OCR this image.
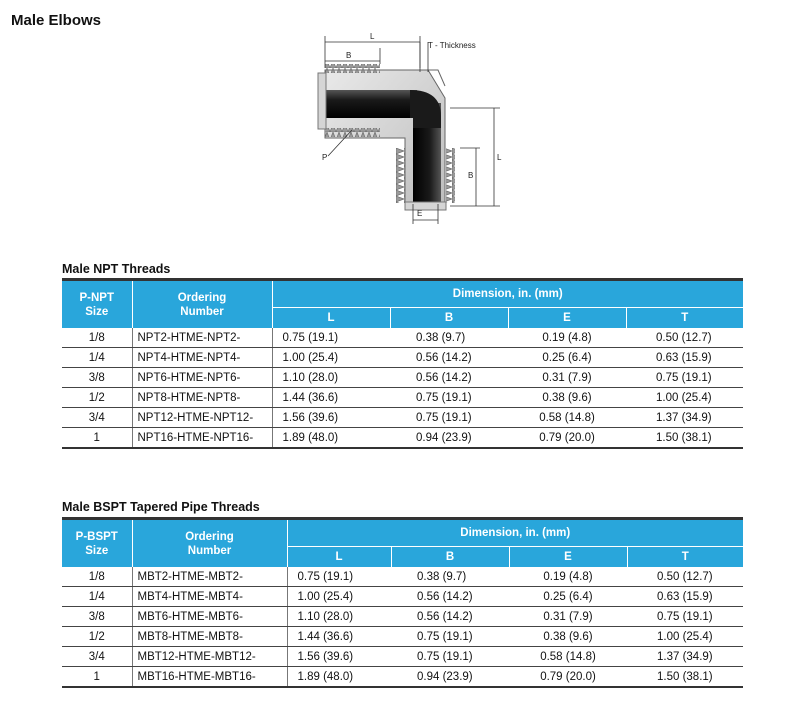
Male Elbows
L
B
T - Thickness
L
B
P
E
Male NPT Threads

P-NPT
Size	Ordering
Number	Dimension, in. (mm)			
		L	B	E	T
1/8	NPT2-HTME-NPT2-	0.75 (19.1)	0.38 (9.7)	0.19 (4.8)	0.50 (12.7)
1/4	NPT4-HTME-NPT4-	1.00 (25.4)	0.56 (14.2)	0.25 (6.4)	0.63 (15.9)
3/8	NPT6-HTME-NPT6-	1.10 (28.0)	0.56 (14.2)	0.31 (7.9)	0.75 (19.1)
1/2	NPT8-HTME-NPT8-	1.44 (36.6)	0.75 (19.1)	0.38 (9.6)	1.00 (25.4)
3/4	NPT12-HTME-NPT12-	1.56 (39.6)	0.75 (19.1)	0.58 (14.8)	1.37 (34.9)
1	NPT16-HTME-NPT16-	1.89 (48.0)	0.94 (23.9)	0.79 (20.0)	1.50 (38.1)
Male BSPT Tapered Pipe Threads

P-BSPT
Size	Ordering
Number	Dimension, in. (mm)			
		L	B	E	T
1/8	MBT2-HTME-MBT2-	0.75 (19.1)	0.38 (9.7)	0.19 (4.8)	0.50 (12.7)
1/4	MBT4-HTME-MBT4-	1.00 (25.4)	0.56 (14.2)	0.25 (6.4)	0.63 (15.9)
3/8	MBT6-HTME-MBT6-	1.10 (28.0)	0.56 (14.2)	0.31 (7.9)	0.75 (19.1)
1/2	MBT8-HTME-MBT8-	1.44 (36.6)	0.75 (19.1)	0.38 (9.6)	1.00 (25.4)
3/4	MBT12-HTME-MBT12-	1.56 (39.6)	0.75 (19.1)	0.58 (14.8)	1.37 (34.9)
1	MBT16-HTME-MBT16-	1.89 (48.0)	0.94 (23.9)	0.79 (20.0)	1.50 (38.1)
